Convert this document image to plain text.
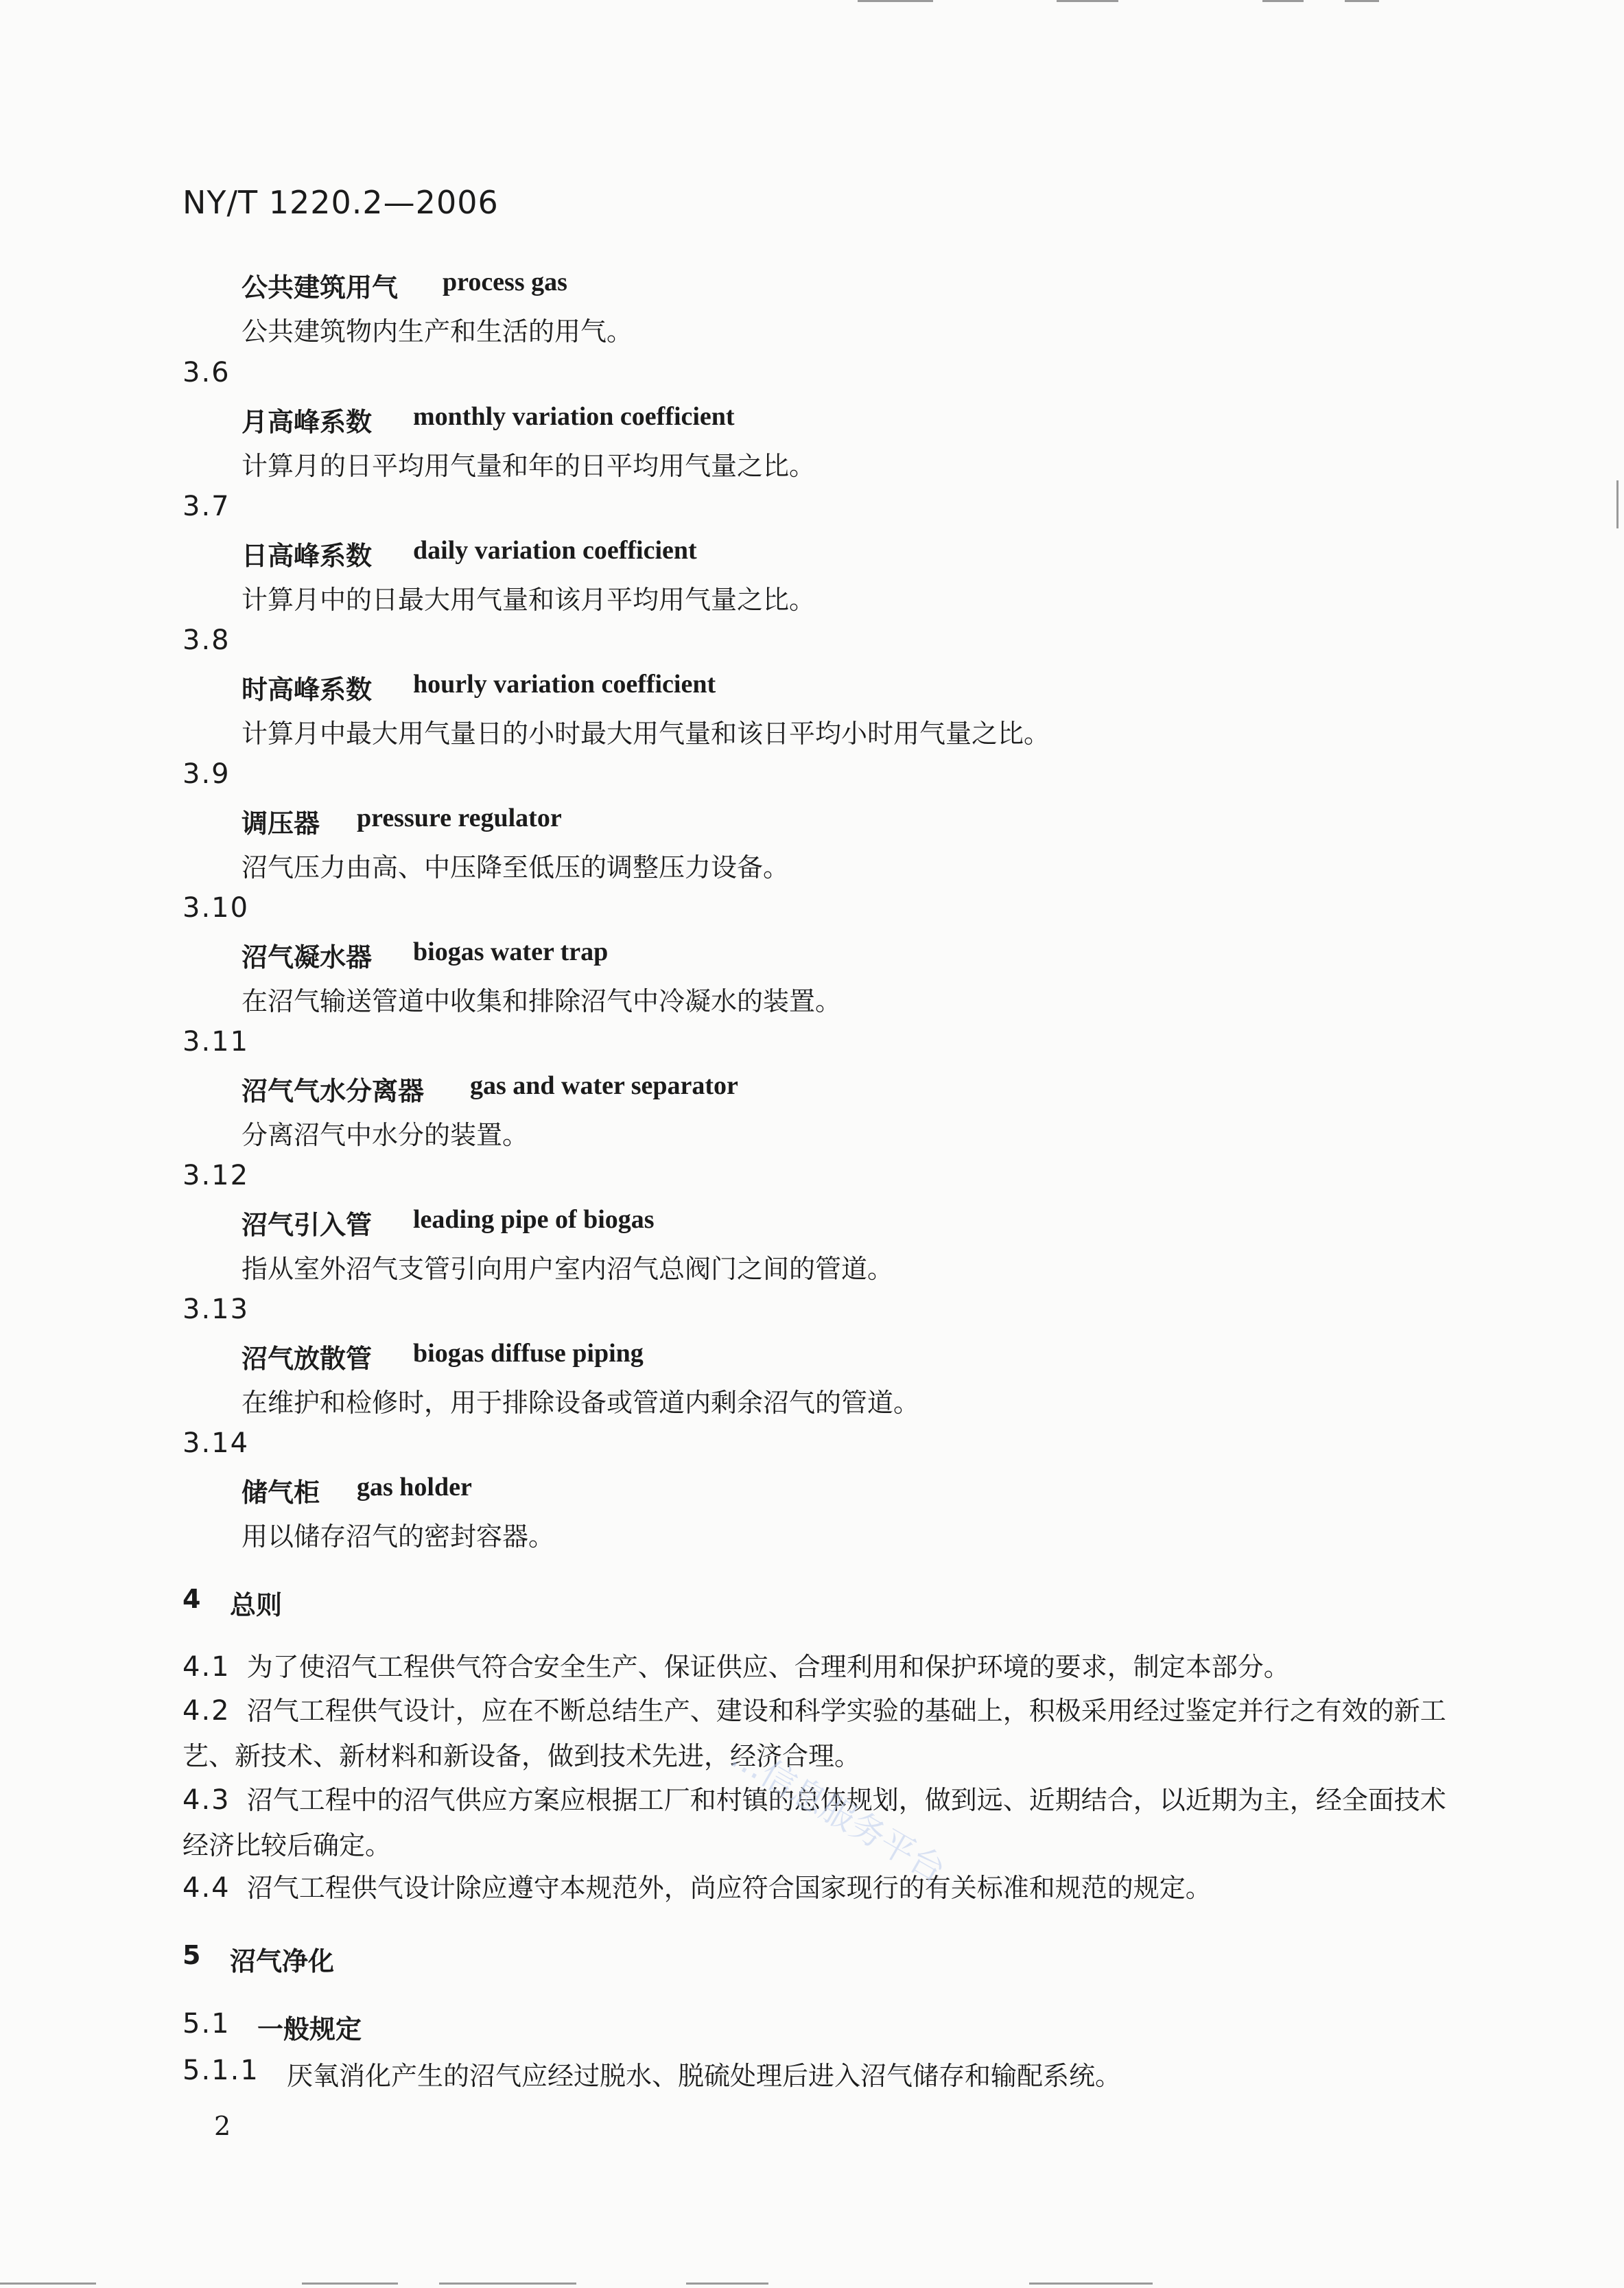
NY/T 1220.2—2006
公共建筑用气 process gas
公共建筑物内生产和生活的用气。
3.6
月高峰系数 monthly variation coefficient
计算月的日平均用气量和年的日平均用气量之比。
3.7
日高峰系数 daily variation coefficient
计算月中的日最大用气量和该月平均用气量之比。
3.8
时高峰系数 hourly variation coefficient
计算月中最大用气量日的小时最大用气量和该日平均小时用气量之比。
3.9
调压器 pressure regulator
沼气压力由高、中压降至低压的调整压力设备。
3.10
沼气凝水器 biogas water trap
在沼气输送管道中收集和排除沼气中冷凝水的装置。
3.11
沼气气水分离器 gas and water separator
分离沼气中水分的装置。
3.12
沼气引入管 leading pipe of biogas
指从室外沼气支管引向用户室内沼气总阀门之间的管道。
3.13
沼气放散管 biogas diffuse piping
在维护和检修时，用于排除设备或管道内剩余沼气的管道。
3.14
储气柜 gas holder
用以储存沼气的密封容器。
4 总则
4.1 为了使沼气工程供气符合安全生产、保证供应、合理利用和保护环境的要求，制定本部分。
4.2 沼气工程供气设计，应在不断总结生产、建设和科学实验的基础上，积极采用经过鉴定并行之有效的新工艺、新技术、新材料和新设备，做到技术先进，经济合理。
4.3 沼气工程中的沼气供应方案应根据工厂和村镇的总体规划，做到远、近期结合，以近期为主，经全面技术经济比较后确定。
4.4 沼气工程供气设计除应遵守本规范外，尚应符合国家现行的有关标准和规范的规定。
5 沼气净化
5.1 一般规定
5.1.1 厌氧消化产生的沼气应经过脱水、脱硫处理后进入沼气储存和输配系统。
2
…信息服务平台
